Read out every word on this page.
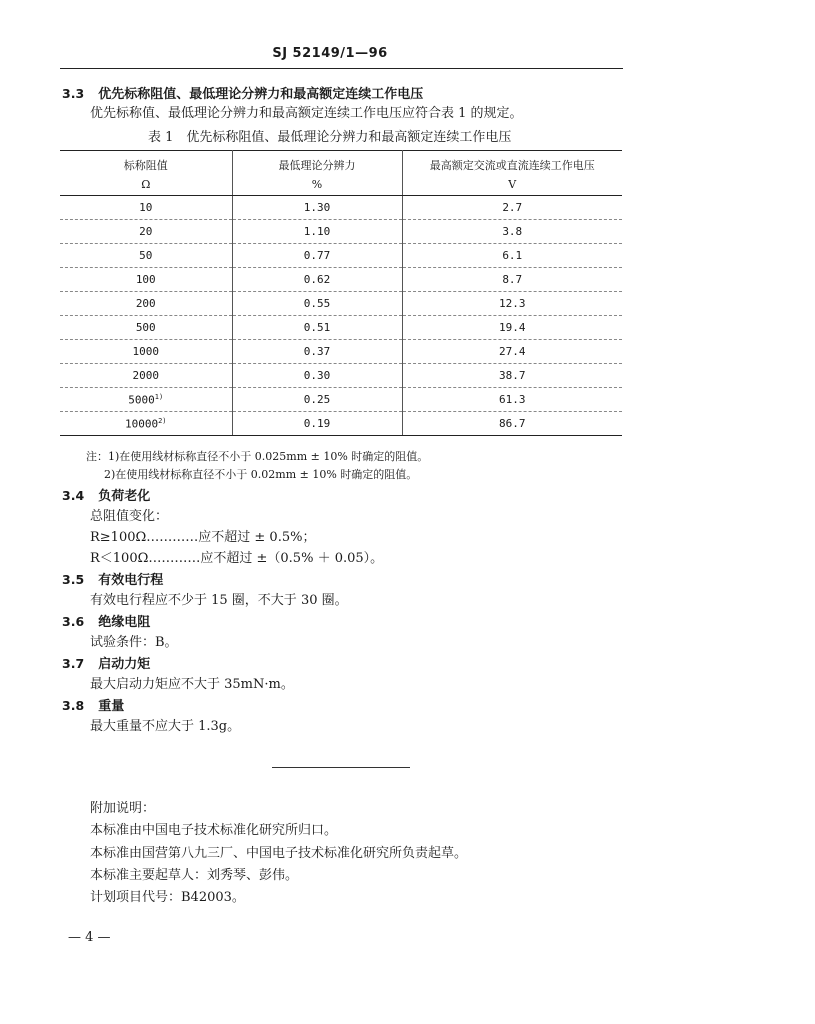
SJ 52149/1—96
3.3 优先标称阻值、最低理论分辨力和最高额定连续工作电压
优先标称值、最低理论分辨力和最高额定连续工作电压应符合表 1 的规定。
表 1　优先标称阻值、最低理论分辨力和最高额定连续工作电压
标称阻值	最低理论分辨力	最高额定交流或直流连续工作电压
Ω	%	V
10	1.30	2.7
20	1.10	3.8
50	0.77	6.1
100	0.62	8.7
200	0.55	12.3
500	0.51	19.4
1000	0.37	27.4
2000	0.30	38.7
5000$^{1)}$	0.25	61.3
10000$^{2)}$	0.19	86.7
注：1)在使用线材标称直径不小于 0.025mm ± 10% 时确定的阻值。
2)在使用线材标称直径不小于 0.02mm ± 10% 时确定的阻值。
3.4 负荷老化
总阻值变化：
R≥100Ω…………应不超过 ± 0.5%；
R＜100Ω…………应不超过 ±（0.5% ＋ 0.05）。
3.5 有效电行程
有效电行程应不少于 15 圈，不大于 30 圈。
3.6 绝缘电阻
试验条件：B。
3.7 启动力矩
最大启动力矩应不大于 35mN·m。
3.8 重量
最大重量不应大于 1.3g。
附加说明：
本标准由中国电子技术标准化研究所归口。
本标准由国营第八九三厂、中国电子技术标准化研究所负责起草。
本标准主要起草人：刘秀琴、彭伟。
计划项目代号：B42003。
— 4 —
